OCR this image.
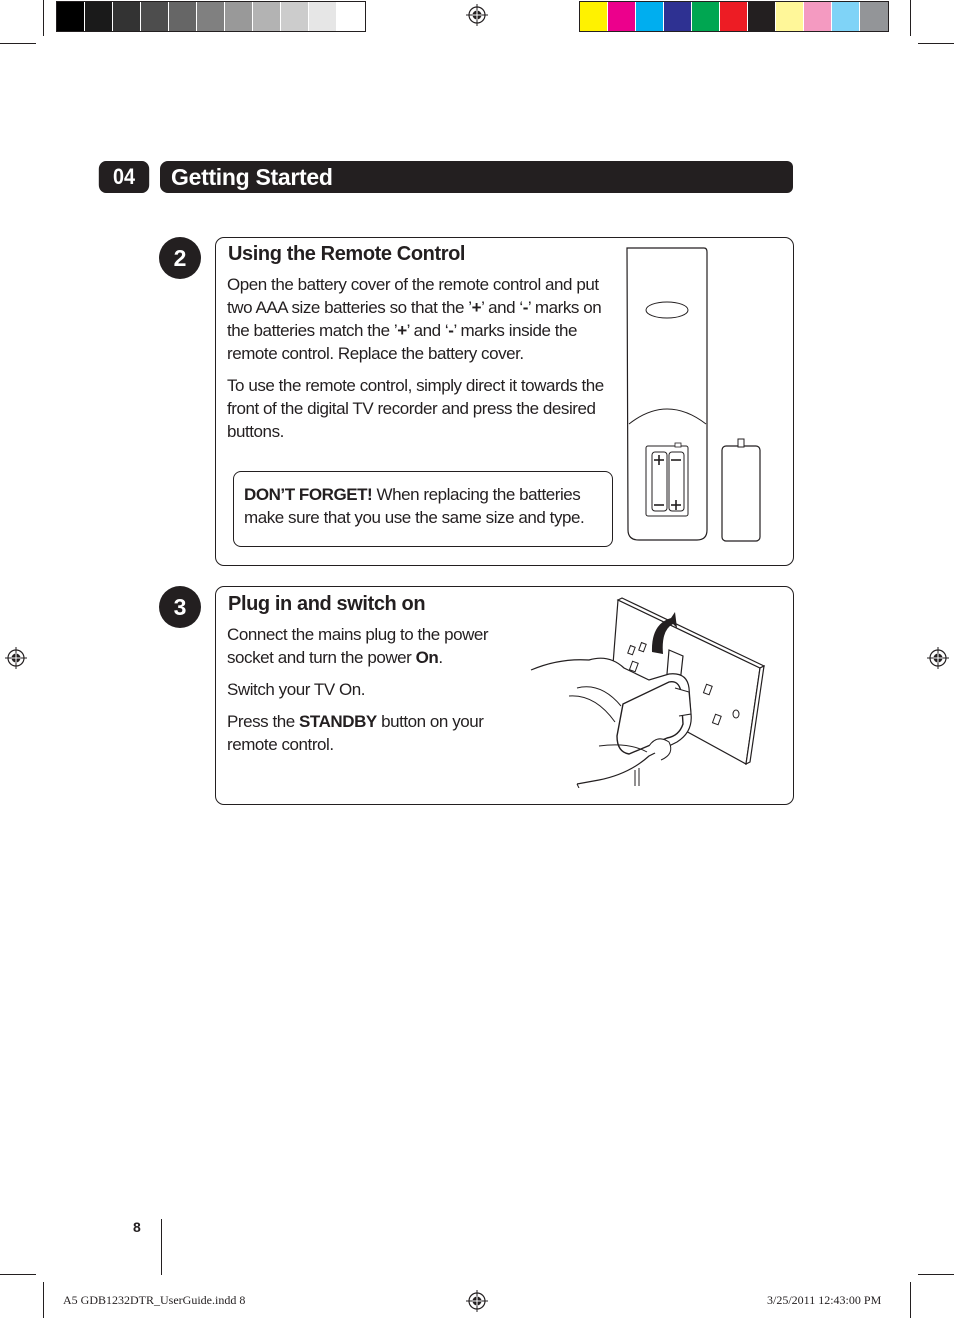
04	Getting Started
2	Using the Remote Control

Open the battery cover of the remote control and put two AAA size batteries so that the ’+’ and ‘-’ marks on the batteries match the ’+’ and ‘-’ marks inside the remote control. Replace the battery cover.

To use the remote control, simply direct it towards the front of the digital TV recorder and press the desired buttons.

DON’T FORGET! When replacing the batteries make sure that you use the same size and type.
3	Plug in and switch on

Connect the mains plug to the power socket and turn the power On.

Switch your TV On.

Press the STANDBY button on your remote control.

8
A5 GDB1232DTR_UserGuide.indd 8	3/25/2011 12:43:00 PM
